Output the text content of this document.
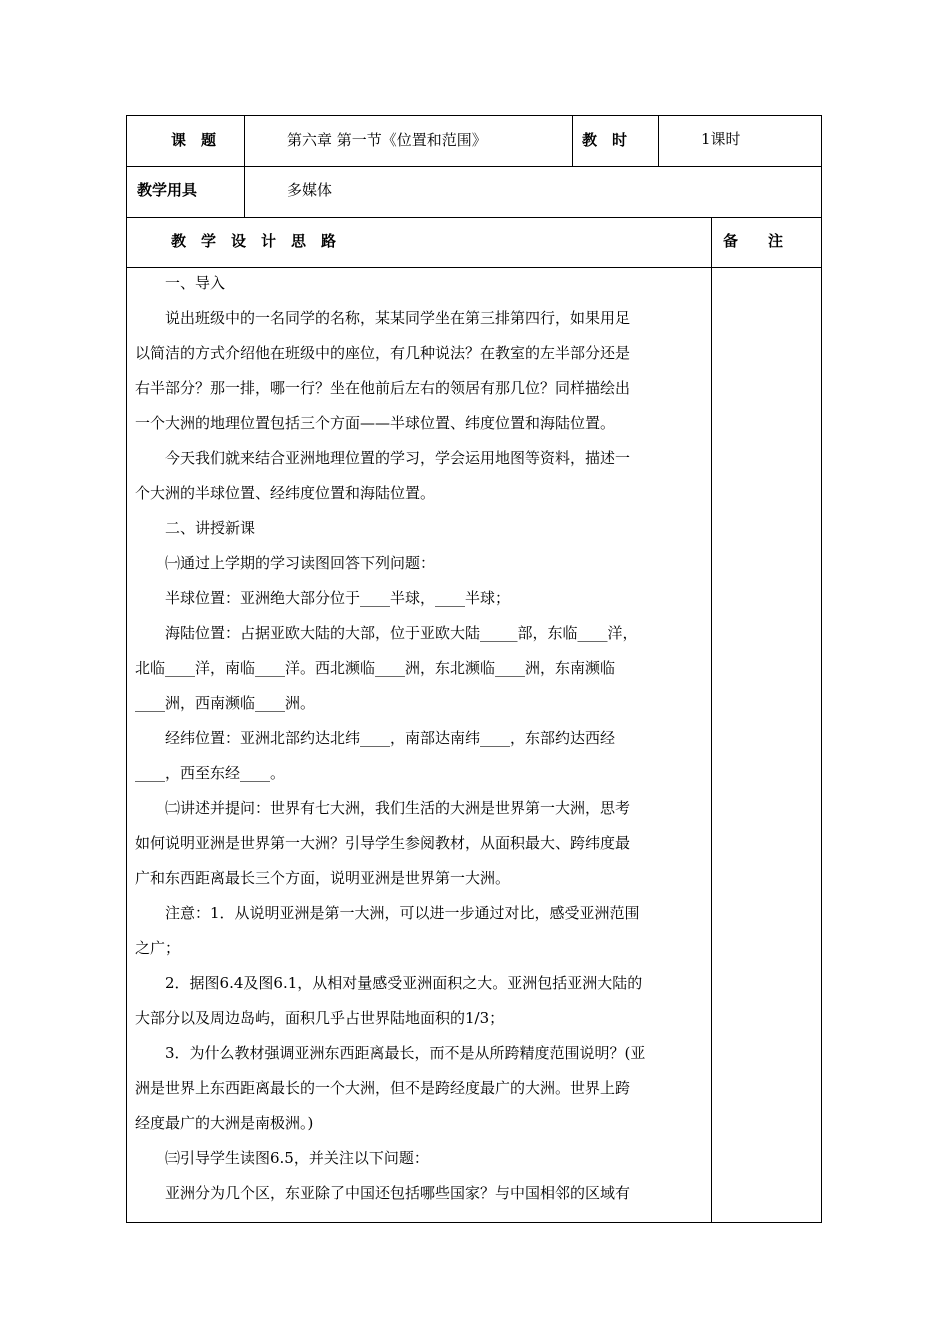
课　题	第六章 第一节《位置和范围》	教　时	1课时
教学用具	多媒体
教　学　设　计　思　路	备　　注

一、导入

说出班级中的一名同学的名称，某某同学坐在第三排第四行，如果用足

以简洁的方式介绍他在班级中的座位，有几种说法？在教室的左半部分还是

右半部分？那一排，哪一行？坐在他前后左右的领居有那几位？同样描绘出

一个大洲的地理位置包括三个方面——半球位置、纬度位置和海陆位置。

今天我们就来结合亚洲地理位置的学习，学会运用地图等资料，描述一

个大洲的半球位置、经纬度位置和海陆位置。

二、讲授新课

㈠通过上学期的学习读图回答下列问题：

半球位置：亚洲绝大部分位于____半球，____半球；

海陆位置：占据亚欧大陆的大部，位于亚欧大陆_____部，东临____洋，

北临____洋，南临____洋。西北濒临____洲，东北濒临____洲，东南濒临

____洲，西南濒临____洲。

经纬位置：亚洲北部约达北纬____，南部达南纬____，东部约达西经

____，西至东经____。

㈡讲述并提问：世界有七大洲，我们生活的大洲是世界第一大洲，思考

如何说明亚洲是世界第一大洲？引导学生参阅教材，从面积最大、跨纬度最

广和东西距离最长三个方面，说明亚洲是世界第一大洲。

注意：1．从说明亚洲是第一大洲，可以进一步通过对比，感受亚洲范围

之广；

2．据图6.4及图6.1，从相对量感受亚洲面积之大。亚洲包括亚洲大陆的

大部分以及周边岛屿，面积几乎占世界陆地面积的1/3；

3．为什么教材强调亚洲东西距离最长，而不是从所跨精度范围说明？(亚

洲是世界上东西距离最长的一个大洲，但不是跨经度最广的大洲。世界上跨

经度最广的大洲是南极洲。)

㈢引导学生读图6.5，并关注以下问题：

亚洲分为几个区，东亚除了中国还包括哪些国家？与中国相邻的区域有
